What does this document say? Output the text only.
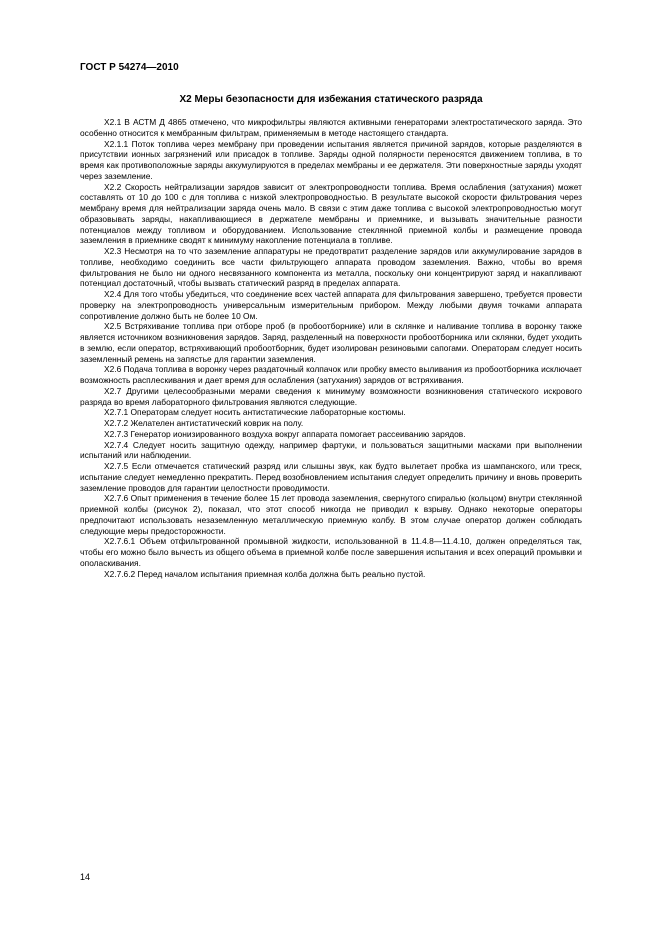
ГОСТ Р 54274—2010
X2 Меры безопасности для избежания статического разряда

X2.1 В АСТМ Д 4865 отмечено, что микрофильтры являются активными генераторами электростатического заряда. Это особенно относится к мембранным фильтрам, применяемым в методе настоящего стандарта.

X2.1.1 Поток топлива через мембрану при проведении испытания является причиной зарядов, которые разделяются в присутствии ионных загрязнений или присадок в топливе. Заряды одной полярности переносятся движением топлива, в то время как противоположные заряды аккумулируются в пределах мембраны и ее держателя. Эти поверхностные заряды уходят через заземление.

X2.2 Скорость нейтрализации зарядов зависит от электропроводности топлива. Время ослабления (затухания) может составлять от 10 до 100 с для топлива с низкой электропроводностью. В результате высокой скорости фильтрования через мембрану время для нейтрализации заряда очень мало. В связи с этим даже топлива с высокой электропроводностью могут образовывать заряды, накапливающиеся в держателе мембраны и приемнике, и вызывать значительные разности потенциалов между топливом и оборудованием. Использование стеклянной приемной колбы и размещение провода заземления в приемнике сводят к минимуму накопление потенциала в топливе.

X2.3 Несмотря на то что заземление аппаратуры не предотвратит разделение зарядов или аккумулирование зарядов в топливе, необходимо соединить все части фильтрующего аппарата проводом заземления. Важно, чтобы во время фильтрования не было ни одного несвязанного компонента из металла, поскольку они концентрируют заряд и накапливают потенциал достаточный, чтобы вызвать статический разряд в пределах аппарата.

X2.4 Для того чтобы убедиться, что соединение всех частей аппарата для фильтрования завершено, требуется провести проверку на электропроводность универсальным измерительным прибором. Между любыми двумя точками аппарата сопротивление должно быть не более 10 Ом.

X2.5 Встряхивание топлива при отборе проб (в пробоотборнике) или в склянке и наливание топлива в воронку также является источником возникновения зарядов. Заряд, разделенный на поверхности пробоотборника или склянки, будет уходить в землю, если оператор, встряхивающий пробоотборник, будет изолирован резиновыми сапогами. Операторам следует носить заземленный ремень на запястье для гарантии заземления.

X2.6 Подача топлива в воронку через раздаточный колпачок или пробку вместо выливания из пробоотборника исключает возможность расплескивания и дает время для ослабления (затухания) зарядов от встряхивания.

X2.7 Другими целесообразными мерами сведения к минимуму возможности возникновения статического искрового разряда во время лабораторного фильтрования являются следующие.

X2.7.1 Операторам следует носить антистатические лабораторные костюмы.

X2.7.2 Желателен антистатический коврик на полу.

X2.7.3 Генератор ионизированного воздуха вокруг аппарата помогает рассеиванию зарядов.

X2.7.4 Следует носить защитную одежду, например фартуки, и пользоваться защитными масками при выполнении испытаний или наблюдении.

X2.7.5 Если отмечается статический разряд или слышны звук, как будто вылетает пробка из шампанского, или треск, испытание следует немедленно прекратить. Перед возобновлением испытания следует определить причину и вновь проверить заземление проводов для гарантии целостности проводимости.

X2.7.6 Опыт применения в течение более 15 лет провода заземления, свернутого спиралью (кольцом) внутри стеклянной приемной колбы (рисунок 2), показал, что этот способ никогда не приводил к взрыву. Однако некоторые операторы предпочитают использовать незаземленную металлическую приемную колбу. В этом случае оператор должен соблюдать следующие меры предосторожности.

X2.7.6.1 Объем отфильтрованной промывной жидкости, использованной в 11.4.8—11.4.10, должен определяться так, чтобы его можно было вычесть из общего объема в приемной колбе после завершения испытания и всех операций промывки и ополаскивания.

X2.7.6.2 Перед началом испытания приемная колба должна быть реально пустой.

14
